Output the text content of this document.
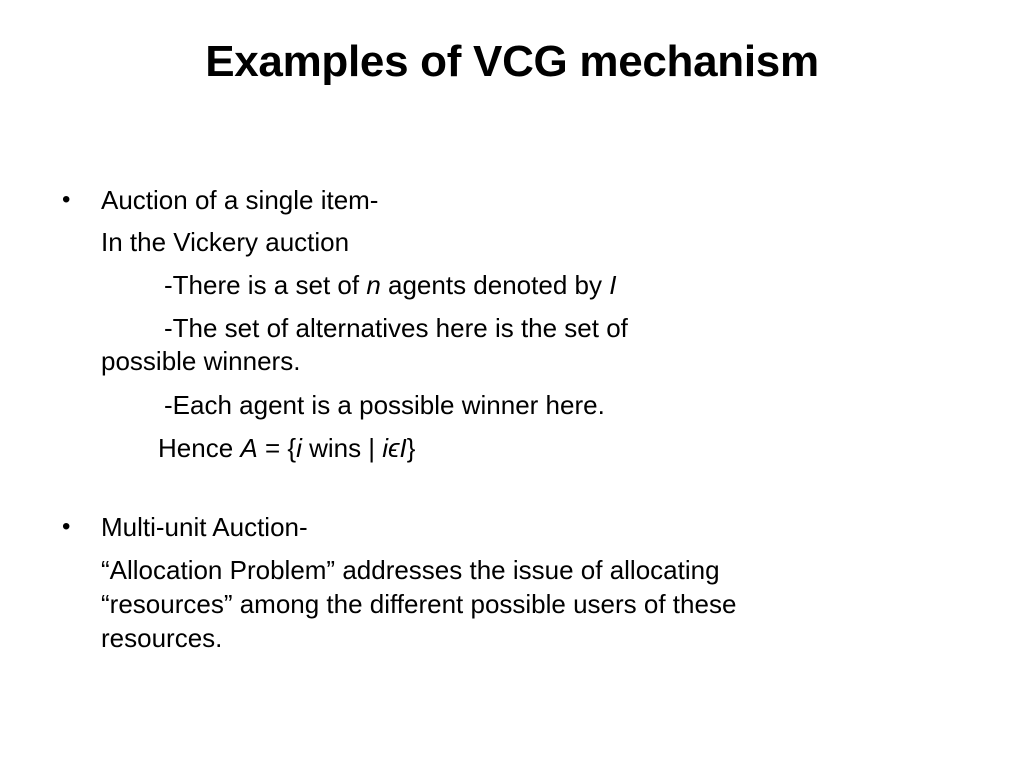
Examples of VCG mechanism
• Auction of a single item-
In the Vickery auction
-There is a set of n agents denoted by I
-The set of alternatives here is the set of
possible winners.
-Each agent is a possible winner here.
Hence A = {i wins | iϵI}
• Multi-unit Auction-
“Allocation Problem” addresses the issue of allocating
“resources” among the different possible users of these
resources.
